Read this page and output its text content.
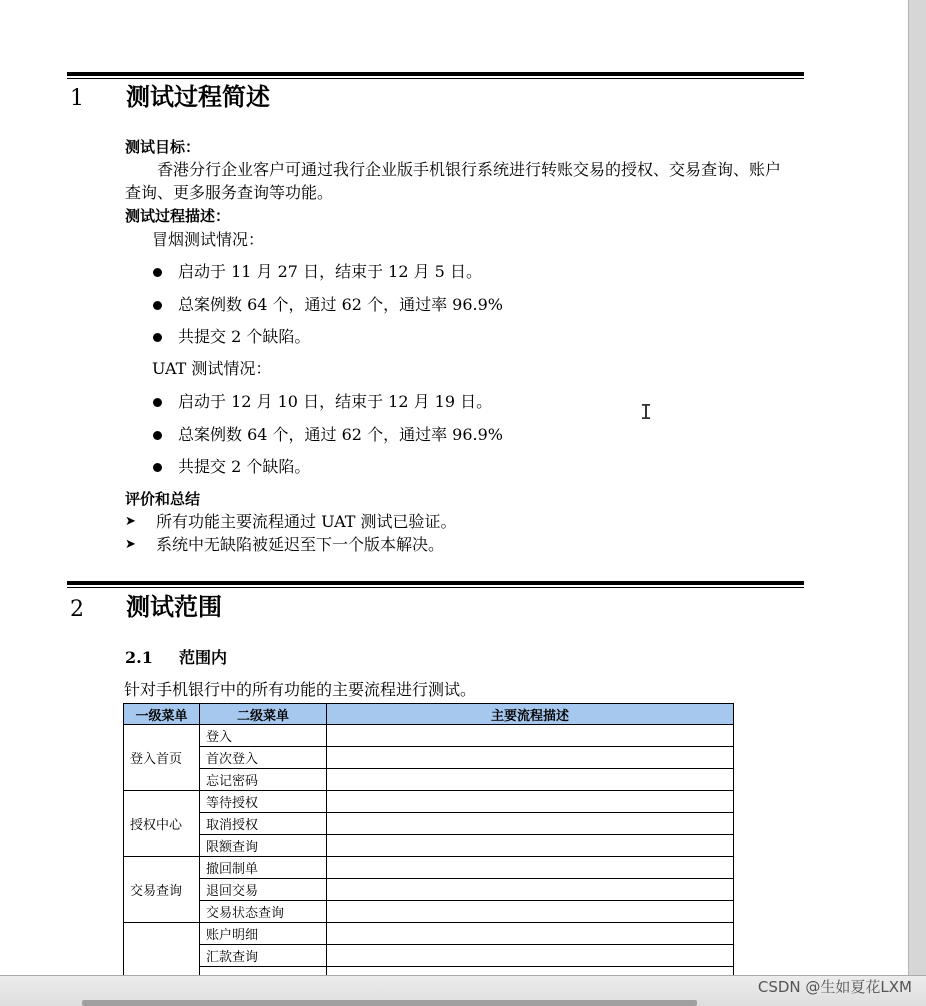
1 测试过程简述
测试目标：
香港分行企业客户可通过我行企业版手机银行系统进行转账交易的授权、交易查询、账户查询、更多服务查询等功能。
测试过程描述：
冒烟测试情况：
启动于 11 月 27 日，结束于 12 月 5 日。
总案例数 64 个，通过 62 个，通过率 96.9%
共提交 2 个缺陷。
UAT 测试情况：
启动于 12 月 10 日，结束于 12 月 19 日。
总案例数 64 个，通过 62 个，通过率 96.9%
共提交 2 个缺陷。
评价和总结
➤ 所有功能主要流程通过 UAT 测试已验证。
➤ 系统中无缺陷被延迟至下一个版本解决。
I
2 测试范围
2.1 范围内
针对手机银行中的所有功能的主要流程进行测试。
一级菜单	二级菜单	主要流程描述
登入首页	登入	
	首次登入	
	忘记密码	
授权中心	等待授权	
	取消授权	
	限额查询	
交易查询	撤回制单	
	退回交易	
	交易状态查询	
	账户明细	
	汇款查询	

CSDN @生如夏花LXM
